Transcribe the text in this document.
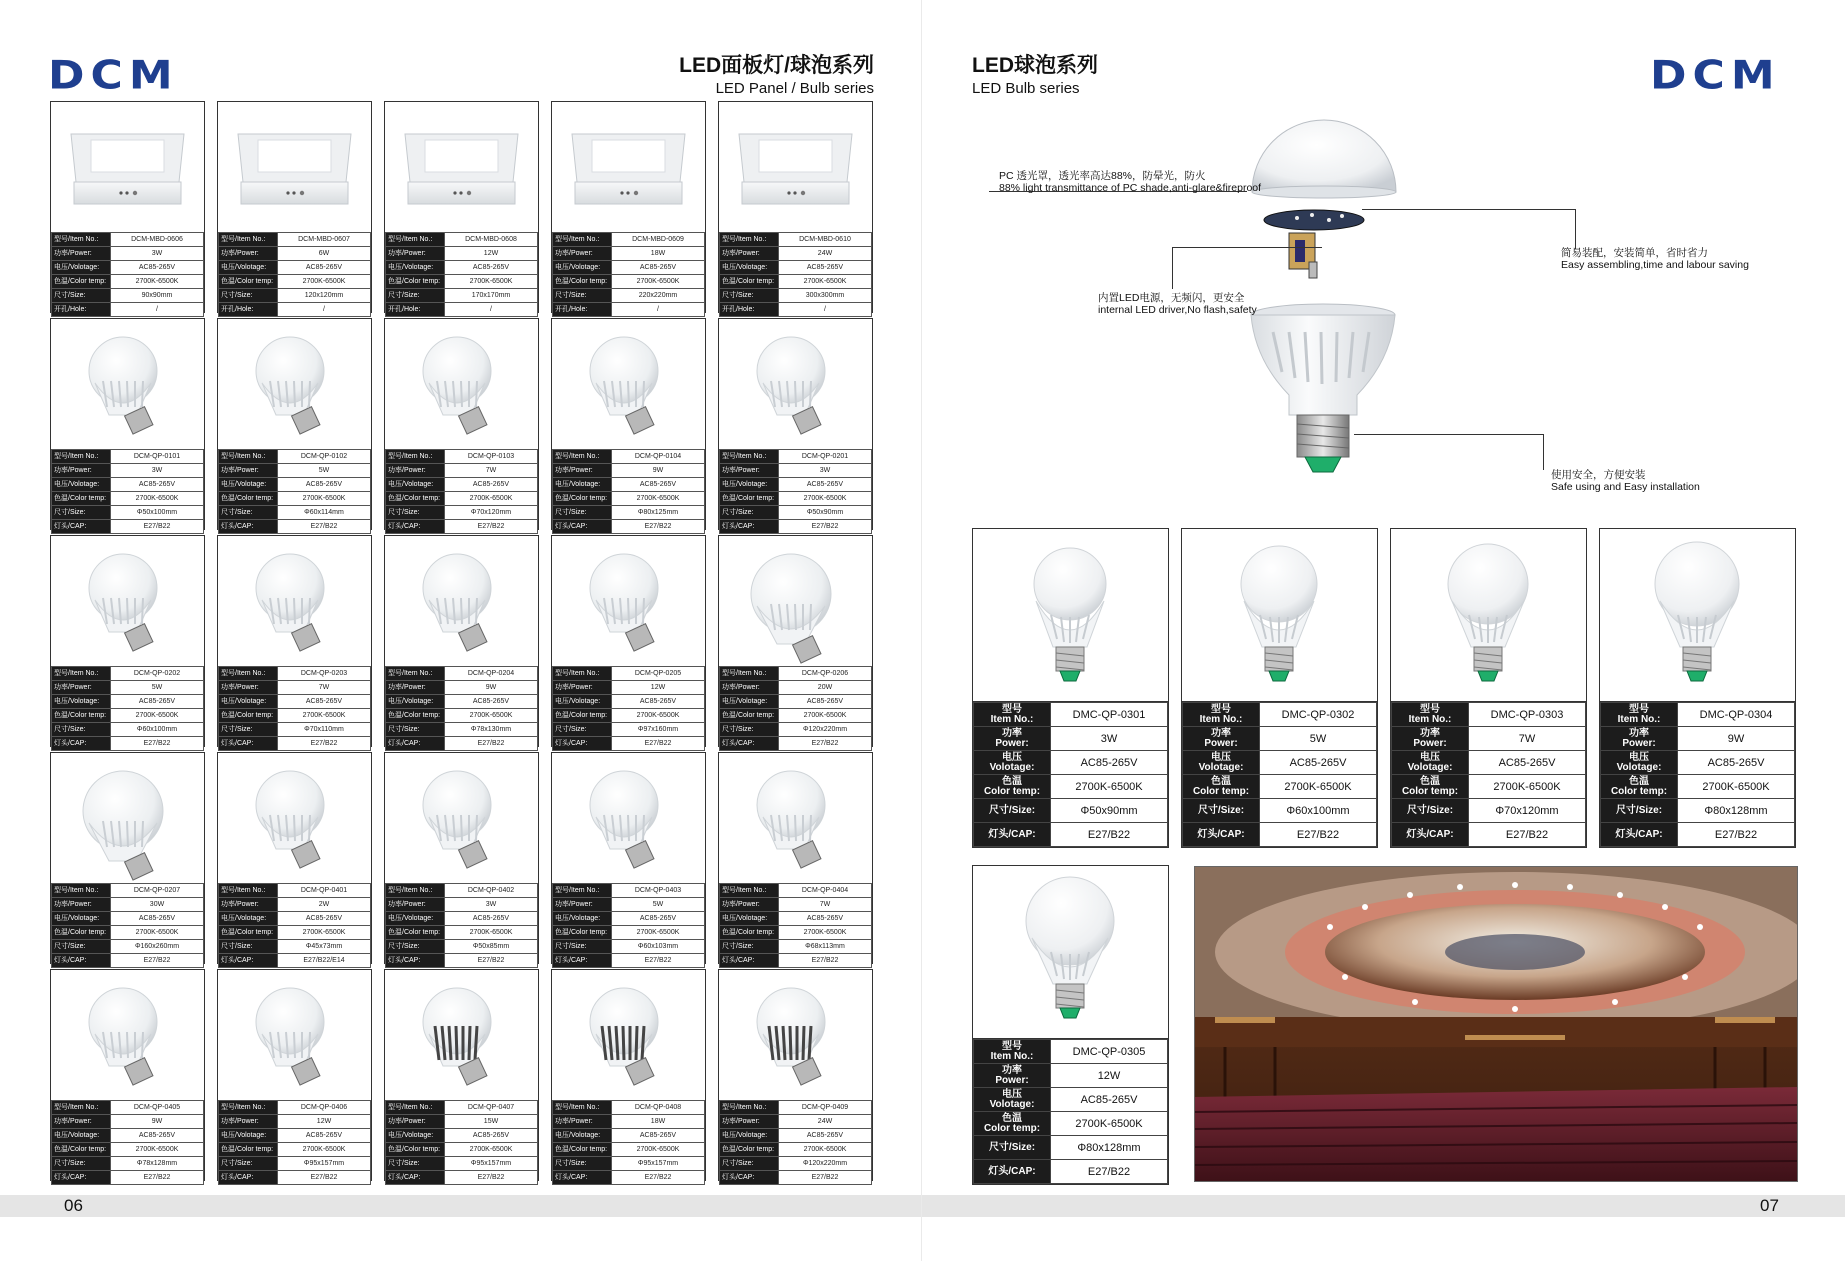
DCM	LED面板灯/球泡系列
LED Panel / Bulb series
型号/Item No.:	DCM-MBD-0606
功率/Power:	3W
电压/Volotage:	AC85-265V
色温/Color temp:	2700K-6500K
尺寸/Size:	90x90mm
开孔/Hole:	/
型号/Item No.:	DCM-MBD-0607
功率/Power:	6W
电压/Volotage:	AC85-265V
色温/Color temp:	2700K-6500K
尺寸/Size:	120x120mm
开孔/Hole:	/
型号/Item No.:	DCM-MBD-0608
功率/Power:	12W
电压/Volotage:	AC85-265V
色温/Color temp:	2700K-6500K
尺寸/Size:	170x170mm
开孔/Hole:	/
型号/Item No.:	DCM-MBD-0609
功率/Power:	18W
电压/Volotage:	AC85-265V
色温/Color temp:	2700K-6500K
尺寸/Size:	220x220mm
开孔/Hole:	/
型号/Item No.:	DCM-MBD-0610
功率/Power:	24W
电压/Volotage:	AC85-265V
色温/Color temp:	2700K-6500K
尺寸/Size:	300x300mm
开孔/Hole:	/
型号/Item No.:	DCM-QP-0101
功率/Power:	3W
电压/Volotage:	AC85-265V
色温/Color temp:	2700K-6500K
尺寸/Size:	Φ50x100mm
灯头/CAP:	E27/B22
型号/Item No.:	DCM-QP-0102
功率/Power:	5W
电压/Volotage:	AC85-265V
色温/Color temp:	2700K-6500K
尺寸/Size:	Φ60x114mm
灯头/CAP:	E27/B22
型号/Item No.:	DCM-QP-0103
功率/Power:	7W
电压/Volotage:	AC85-265V
色温/Color temp:	2700K-6500K
尺寸/Size:	Φ70x120mm
灯头/CAP:	E27/B22
型号/Item No.:	DCM-QP-0104
功率/Power:	9W
电压/Volotage:	AC85-265V
色温/Color temp:	2700K-6500K
尺寸/Size:	Φ80x125mm
灯头/CAP:	E27/B22
型号/Item No.:	DCM-QP-0201
功率/Power:	3W
电压/Volotage:	AC85-265V
色温/Color temp:	2700K-6500K
尺寸/Size:	Φ50x90mm
灯头/CAP:	E27/B22
型号/Item No.:	DCM-QP-0202
功率/Power:	5W
电压/Volotage:	AC85-265V
色温/Color temp:	2700K-6500K
尺寸/Size:	Φ60x100mm
灯头/CAP:	E27/B22
型号/Item No.:	DCM-QP-0203
功率/Power:	7W
电压/Volotage:	AC85-265V
色温/Color temp:	2700K-6500K
尺寸/Size:	Φ70x110mm
灯头/CAP:	E27/B22
型号/Item No.:	DCM-QP-0204
功率/Power:	9W
电压/Volotage:	AC85-265V
色温/Color temp:	2700K-6500K
尺寸/Size:	Φ78x130mm
灯头/CAP:	E27/B22
型号/Item No.:	DCM-QP-0205
功率/Power:	12W
电压/Volotage:	AC85-265V
色温/Color temp:	2700K-6500K
尺寸/Size:	Φ97x160mm
灯头/CAP:	E27/B22
型号/Item No.:	DCM-QP-0206
功率/Power:	20W
电压/Volotage:	AC85-265V
色温/Color temp:	2700K-6500K
尺寸/Size:	Φ120x220mm
灯头/CAP:	E27/B22
型号/Item No.:	DCM-QP-0207
功率/Power:	30W
电压/Volotage:	AC85-265V
色温/Color temp:	2700K-6500K
尺寸/Size:	Φ160x260mm
灯头/CAP:	E27/B22
型号/Item No.:	DCM-QP-0401
功率/Power:	2W
电压/Volotage:	AC85-265V
色温/Color temp:	2700K-6500K
尺寸/Size:	Φ45x73mm
灯头/CAP:	E27/B22/E14
型号/Item No.:	DCM-QP-0402
功率/Power:	3W
电压/Volotage:	AC85-265V
色温/Color temp:	2700K-6500K
尺寸/Size:	Φ50x85mm
灯头/CAP:	E27/B22
型号/Item No.:	DCM-QP-0403
功率/Power:	5W
电压/Volotage:	AC85-265V
色温/Color temp:	2700K-6500K
尺寸/Size:	Φ60x103mm
灯头/CAP:	E27/B22
型号/Item No.:	DCM-QP-0404
功率/Power:	7W
电压/Volotage:	AC85-265V
色温/Color temp:	2700K-6500K
尺寸/Size:	Φ68x113mm
灯头/CAP:	E27/B22
型号/Item No.:	DCM-QP-0405
功率/Power:	9W
电压/Volotage:	AC85-265V
色温/Color temp:	2700K-6500K
尺寸/Size:	Φ78x128mm
灯头/CAP:	E27/B22
型号/Item No.:	DCM-QP-0406
功率/Power:	12W
电压/Volotage:	AC85-265V
色温/Color temp:	2700K-6500K
尺寸/Size:	Φ95x157mm
灯头/CAP:	E27/B22
型号/Item No.:	DCM-QP-0407
功率/Power:	15W
电压/Volotage:	AC85-265V
色温/Color temp:	2700K-6500K
尺寸/Size:	Φ95x157mm
灯头/CAP:	E27/B22
型号/Item No.:	DCM-QP-0408
功率/Power:	18W
电压/Volotage:	AC85-265V
色温/Color temp:	2700K-6500K
尺寸/Size:	Φ95x157mm
灯头/CAP:	E27/B22
型号/Item No.:	DCM-QP-0409
功率/Power:	24W
电压/Volotage:	AC85-265V
色温/Color temp:	2700K-6500K
尺寸/Size:	Φ120x220mm
灯头/CAP:	E27/B22
06
LED球泡系列
LED Bulb series	DCM
PC 透光罩，透光率高达88%，防晕光，防火
88% light transmittance of PC shade,anti-glare&fireproof
简易装配，安装简单，省时省力
Easy assembling,time and labour saving
内置LED电源，无频闪，更安全
internal LED driver,No flash,safety
使用安全，方便安装
Safe using and Easy installation
型号
Item No.:	DMC-QP-0301

功率
Power:	3W

电压
Volotage:	AC85-265V

色温
Color temp:	2700K-6500K

尺寸/Size:	Φ50x90mm

灯头/CAP:	E27/B22
型号
Item No.:	DMC-QP-0302

功率
Power:	5W

电压
Volotage:	AC85-265V

色温
Color temp:	2700K-6500K

尺寸/Size:	Φ60x100mm

灯头/CAP:	E27/B22
型号
Item No.:	DMC-QP-0303

功率
Power:	7W

电压
Volotage:	AC85-265V

色温
Color temp:	2700K-6500K

尺寸/Size:	Φ70x120mm

灯头/CAP:	E27/B22
型号
Item No.:	DMC-QP-0304

功率
Power:	9W

电压
Volotage:	AC85-265V

色温
Color temp:	2700K-6500K

尺寸/Size:	Φ80x128mm

灯头/CAP:	E27/B22
型号
Item No.:	DMC-QP-0305

功率
Power:	12W

电压
Volotage:	AC85-265V

色温
Color temp:	2700K-6500K

尺寸/Size:	Φ80x128mm

灯头/CAP:	E27/B22
07
